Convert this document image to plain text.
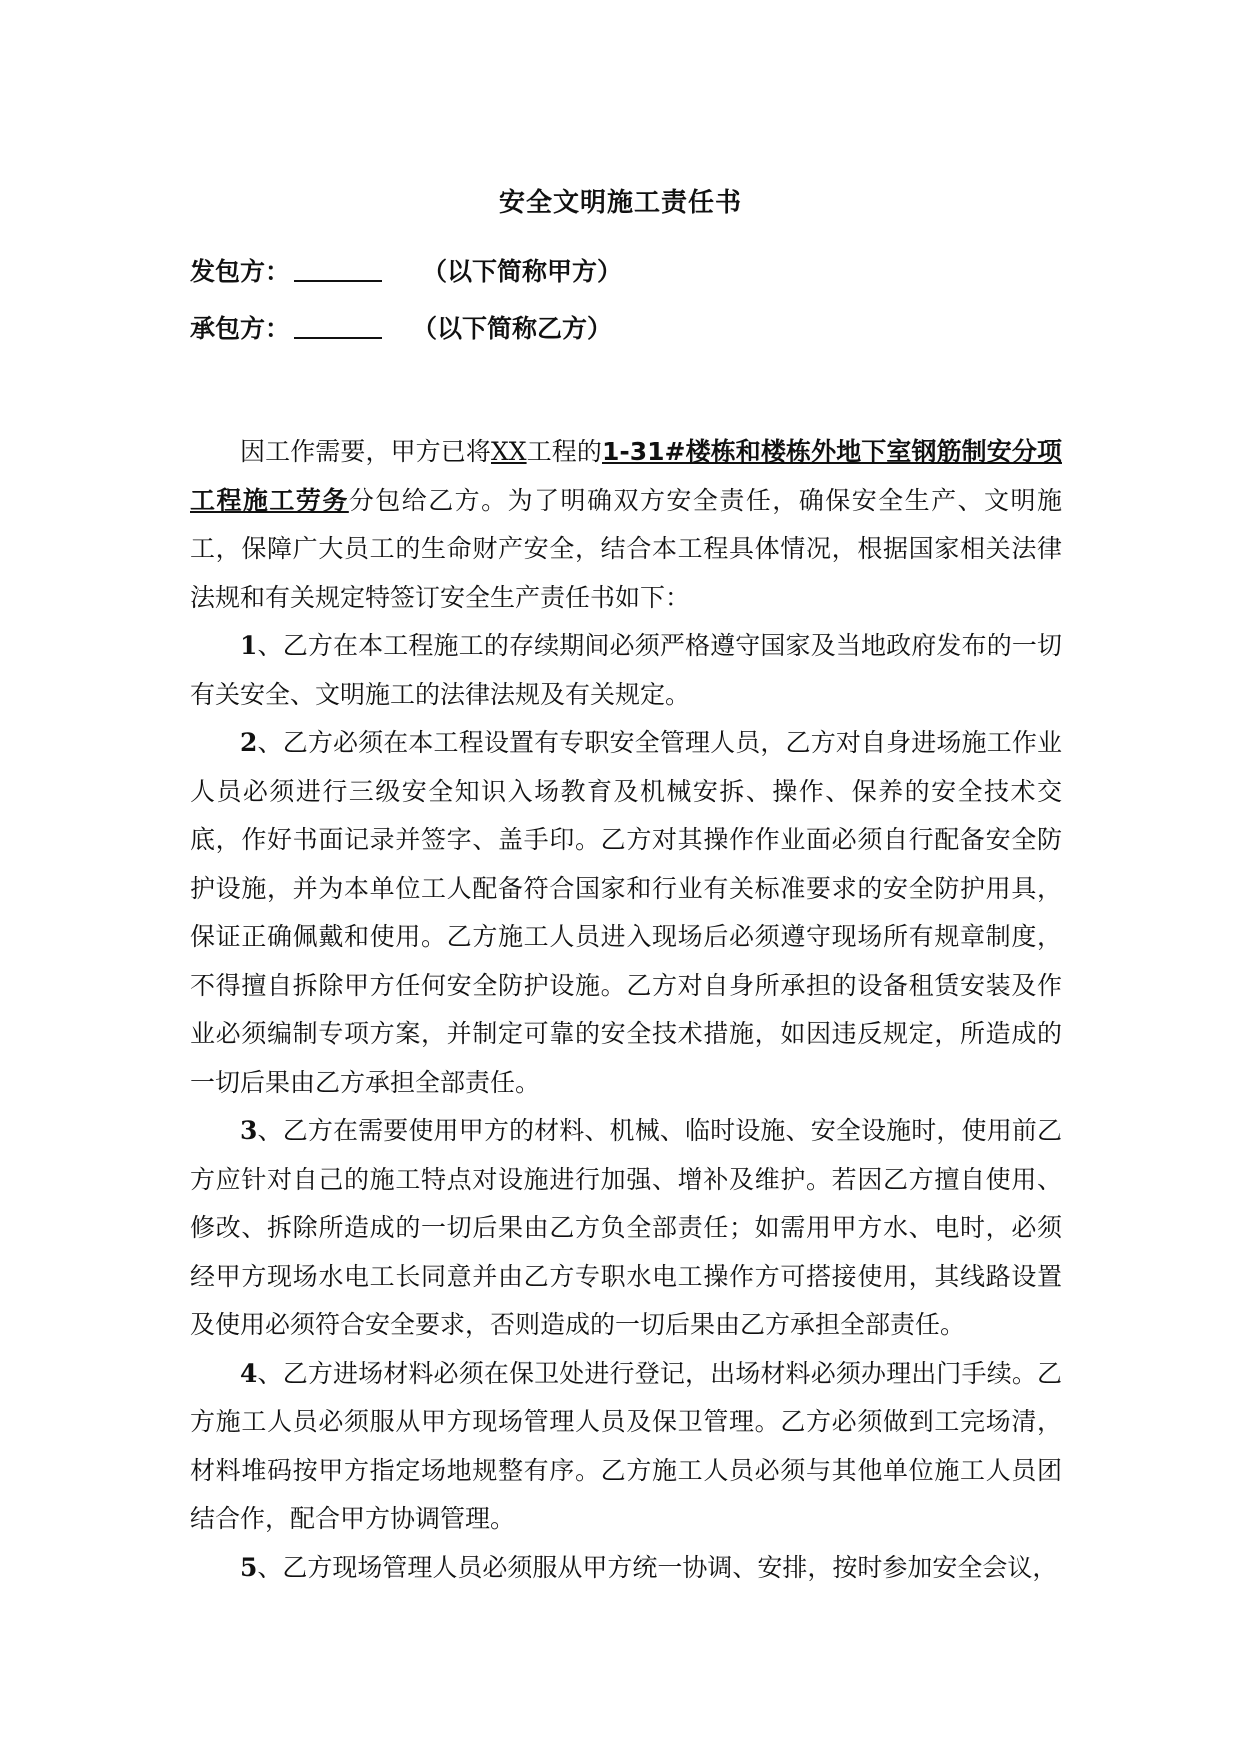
安全文明施工责任书
发包方：	（以下简称甲方）
承包方：	（以下简称乙方）

因工作需要，甲方已将XX工程的1-31#楼栋和楼栋外地下室钢筋制安分项工程施工劳务分包给乙方。为了明确双方安全责任，确保安全生产、文明施工，保障广大员工的生命财产安全，结合本工程具体情况，根据国家相关法律法规和有关规定特签订安全生产责任书如下：

1、乙方在本工程施工的存续期间必须严格遵守国家及当地政府发布的一切有关安全、文明施工的法律法规及有关规定。

2、乙方必须在本工程设置有专职安全管理人员，乙方对自身进场施工作业人员必须进行三级安全知识入场教育及机械安拆、操作、保养的安全技术交底，作好书面记录并签字、盖手印。乙方对其操作作业面必须自行配备安全防护设施，并为本单位工人配备符合国家和行业有关标准要求的安全防护用具，保证正确佩戴和使用。乙方施工人员进入现场后必须遵守现场所有规章制度，不得擅自拆除甲方任何安全防护设施。乙方对自身所承担的设备租赁安装及作业必须编制专项方案，并制定可靠的安全技术措施，如因违反规定，所造成的一切后果由乙方承担全部责任。

3、乙方在需要使用甲方的材料、机械、临时设施、安全设施时，使用前乙方应针对自己的施工特点对设施进行加强、增补及维护。若因乙方擅自使用、修改、拆除所造成的一切后果由乙方负全部责任；如需用甲方水、电时，必须经甲方现场水电工长同意并由乙方专职水电工操作方可搭接使用，其线路设置及使用必须符合安全要求，否则造成的一切后果由乙方承担全部责任。

4、乙方进场材料必须在保卫处进行登记，出场材料必须办理出门手续。乙方施工人员必须服从甲方现场管理人员及保卫管理。乙方必须做到工完场清，材料堆码按甲方指定场地规整有序。乙方施工人员必须与其他单位施工人员团结合作，配合甲方协调管理。

5、乙方现场管理人员必须服从甲方统一协调、安排，按时参加安全会议，
